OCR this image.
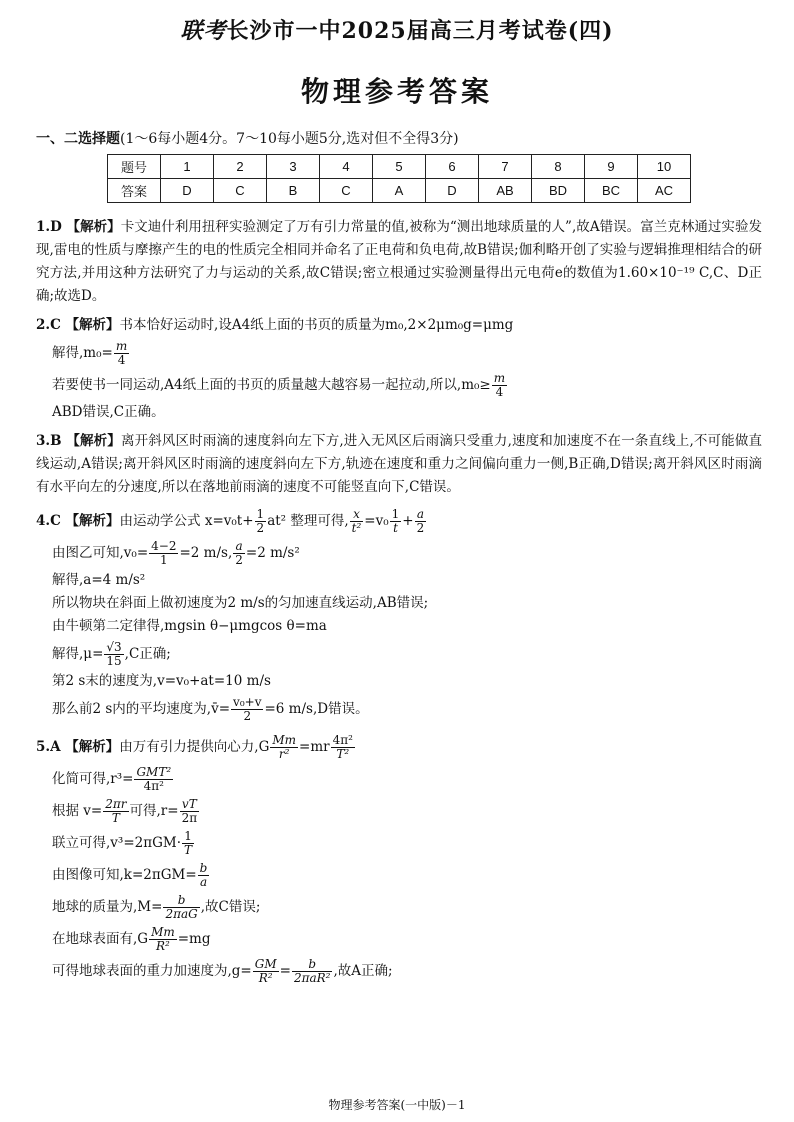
联考长沙市一中2025届高三月考试卷(四)
物理参考答案
一、二选择题(1～6每小题4分。7～10每小题5分,选对但不全得3分)
题号	1	2	3	4	5	6	7	8	9	10
答案	D	C	B	C	A	D	AB	BD	BC	AC

1.D 【解析】卡文迪什利用扭秤实验测定了万有引力常量的值,被称为“测出地球质量的人”,故A错误。富兰克林通过实验发现,雷电的性质与摩擦产生的电的性质完全相同并命名了正电荷和负电荷,故B错误;伽利略开创了实验与逻辑推理相结合的研究方法,并用这种方法研究了力与运动的关系,故C错误;密立根通过实验测量得出元电荷e的数值为1.60×10⁻¹⁹ C,C、D正确;故选D。

2.C 【解析】书本恰好运动时,设A4纸上面的书页的质量为m₀,2×2μm₀g=μmg

解得$,m_0= \frac{m}{4}$

若要使书一同运动,A4纸上面的书页的质量越大越容易一起拉动,所以$,m_0\ge \frac{m}{4}$

ABD错误,C正确。

3.B 【解析】离开斜风区时雨滴的速度斜向左下方,进入无风区后雨滴只受重力,速度和加速度不在一条直线上,不可能做直线运动,A错误;离开斜风区时雨滴的速度斜向左下方,轨迹在速度和重力之间偏向重力一侧,B正确,D错误;离开斜风区时雨滴有水平向左的分速度,所以在落地前雨滴的速度不可能竖直向下,C错误。

4.C 【解析】由运动学公式 $x=v_0t+ \frac{1}{2} at^2$ 整理可得, $\frac{x}{\text{t²}} =v_0 \frac{1}{t} + \frac{a}{2}$

由图乙可知$,v_0= \frac{4-2}{1} =2$ m/s, $\frac{a}{2} =2$ m/s²

解得,a=4 m/s²

所以物块在斜面上做初速度为2 m/s的匀加速直线运动,AB错误;

由牛顿第二定律得,mgsin θ−μmgcos θ=ma

解得$,\mu= \frac{√3}{15} ,C$正确;

第2 s末的速度为,v=v₀+at=10 m/s

那么前2 s内的平均速度为,v̄= $\frac{\text{v₀+v}}{2} =6$ m/s,D错误。

5.A 【解析】由万有引力提供向心力$,G \frac{Mm}{\text{r²}} =mr \frac{\text{4π²}}{\text{T²}}$

化简可得$,r^3= \frac{\text{GMT²}}{\text{4π²}}$

根据 $v= \frac{2\pi r}{T}$ 可得$,r= \frac{vT}{2\pi}$

联立可得$,v^3=2\pi GM\cdot \frac{1}{T}$

由图像可知$,k=2\pi GM= \frac{b}{a}$

地球的质量为$,M= \frac{b}{\text{2πaG}}$ ,故C错误;

在地球表面有$,G \frac{Mm}{\text{R²}} =mg$

可得地球表面的重力加速度为$,g= \frac{GM}{\text{R²}} = \frac{b}{\text{2πaR²}}$ ,故A正确;

物理参考答案(一中版)－1
